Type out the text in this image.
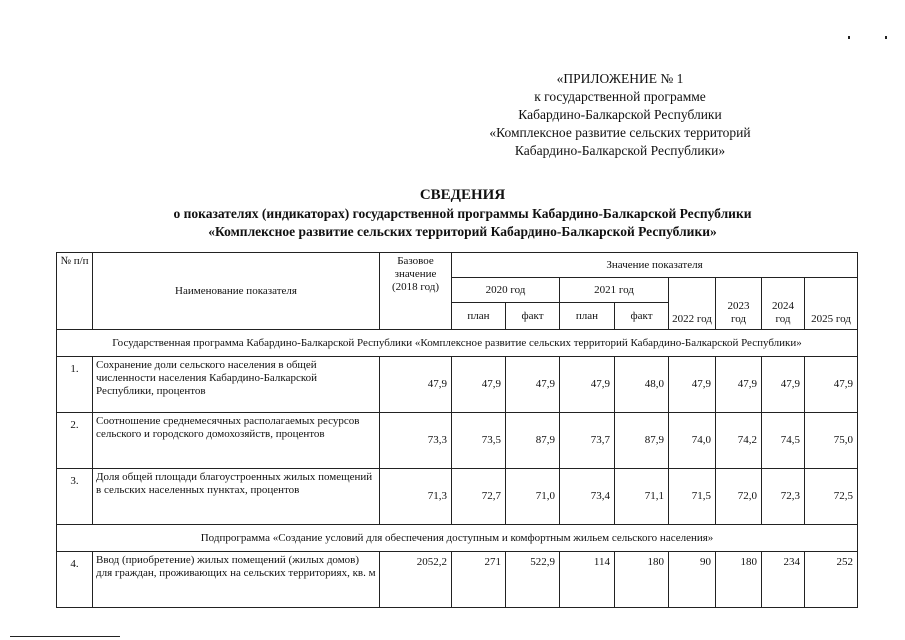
«ПРИЛОЖЕНИЕ № 1
к государственной программе
Кабардино-Балкарской Республики
«Комплексное развитие сельских территорий
Кабардино-Балкарской Республики»
СВЕДЕНИЯ
о показателях (индикаторах) государственной программы Кабардино-Балкарской Республики
«Комплексное развитие сельских территорий Кабардино-Балкарской Республики»
№ п/п	Наименование показателя	Базовое значение (2018 год)	Значение показателя							
			2020 год		2021 год		2022 год	2023 год	2024 год	2025 год
			план	факт	план	факт				
Государственная программа Кабардино-Балкарской Республики «Комплексное развитие сельских территорий Кабардино-Балкарской Республики»										
1.	Сохранение доли сельского населения в общей численности населения Кабардино-Балкарской Республики, процентов	47,9	47,9	47,9	47,9	48,0	47,9	47,9	47,9	47,9
2.	Соотношение среднемесячных располагаемых ресурсов сельского и городского домохозяйств, процентов	73,3	73,5	87,9	73,7	87,9	74,0	74,2	74,5	75,0
3.	Доля общей площади благоустроенных жилых помещений в сельских населенных пунктах, процентов	71,3	72,7	71,0	73,4	71,1	71,5	72,0	72,3	72,5
Подпрограмма «Создание условий для обеспечения доступным и комфортным жильем сельского населения»										
4.	Ввод (приобретение) жилых помещений (жилых домов) для граждан, проживающих на сельских территориях, кв. м	2052,2	271	522,9	114	180	90	180	234	252
